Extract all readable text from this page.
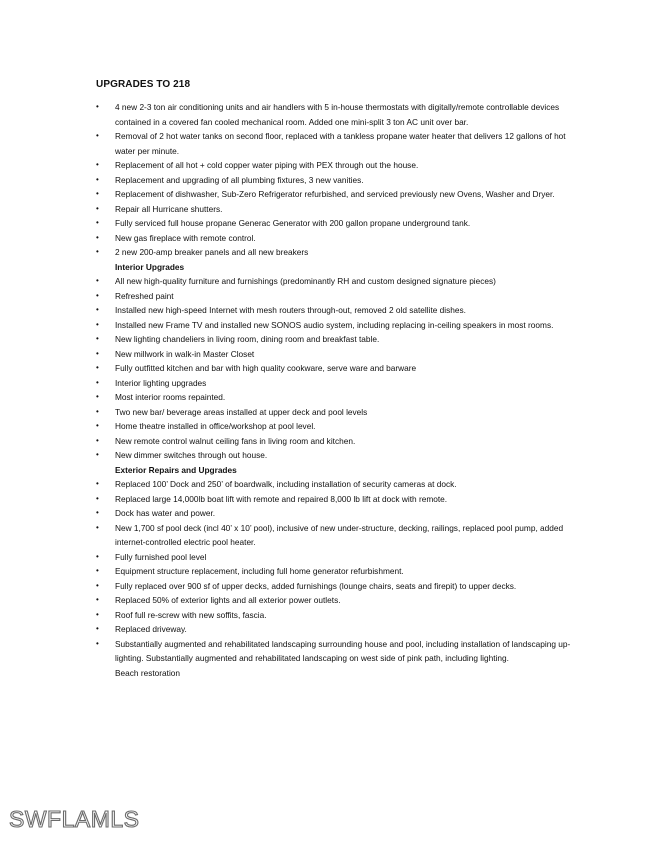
UPGRADES TO 218
•	4 new 2-3 ton air conditioning units and air handlers with 5 in-house thermostats with digitally/remote controllable devices contained in a covered fan cooled mechanical room. Added one mini-split 3 ton AC unit over bar.
•	Removal of 2 hot water tanks on second floor, replaced with a tankless propane water heater that delivers 12 gallons of hot water per minute.
•	Replacement of all hot + cold copper water piping with PEX through out the house.
•	Replacement and upgrading of all plumbing fixtures, 3 new vanities.
•	Replacement of dishwasher, Sub-Zero Refrigerator refurbished, and serviced previously new Ovens, Washer and Dryer.
•	Repair all Hurricane shutters.
•	Fully serviced full house propane Generac Generator with 200 gallon propane underground tank.
•	New gas fireplace with remote control.
•	2 new 200-amp breaker panels and all new breakers
Interior Upgrades
•	All new high-quality furniture and furnishings (predominantly RH and custom designed signature pieces)
•	Refreshed paint
•	Installed new high-speed Internet with mesh routers through-out, removed 2 old satellite dishes.
•	Installed new Frame TV and installed new SONOS audio system, including replacing in-ceiling speakers in most rooms.
•	New lighting chandeliers in living room, dining room and breakfast table.
•	New millwork in walk-in Master Closet
•	Fully outfitted kitchen and bar with high quality cookware, serve ware and barware
•	Interior lighting upgrades
•	Most interior rooms repainted.
•	Two new bar/ beverage areas installed at upper deck and pool levels
•	Home theatre installed in office/workshop at pool level.
•	New remote control walnut ceiling fans in living room and kitchen.
•	New dimmer switches through out house.
Exterior Repairs and Upgrades
•	Replaced 100’ Dock and 250’ of boardwalk, including installation of security cameras at dock.
•	Replaced large 14,000lb boat lift with remote and repaired 8,000 lb lift at dock with remote.
•	Dock has water and power.
•	New 1,700 sf pool deck (incl 40’ x 10’ pool), inclusive of new under-structure, decking, railings, replaced pool pump, added internet-controlled electric pool heater.
•	Fully furnished pool level
•	Equipment structure replacement, including full home generator refurbishment.
•	Fully replaced over 900 sf of upper decks, added furnishings (lounge chairs, seats and firepit) to upper decks.
•	Replaced 50% of exterior lights and all exterior power outlets.
•	Roof full re-screw with new soffits, fascia.
•	Replaced driveway.
•	Substantially augmented and rehabilitated landscaping surrounding house and pool, including installation of landscaping up-lighting. Substantially augmented and rehabilitated landscaping on west side of pink path, including lighting.
Beach restoration
SWFLAMLS
